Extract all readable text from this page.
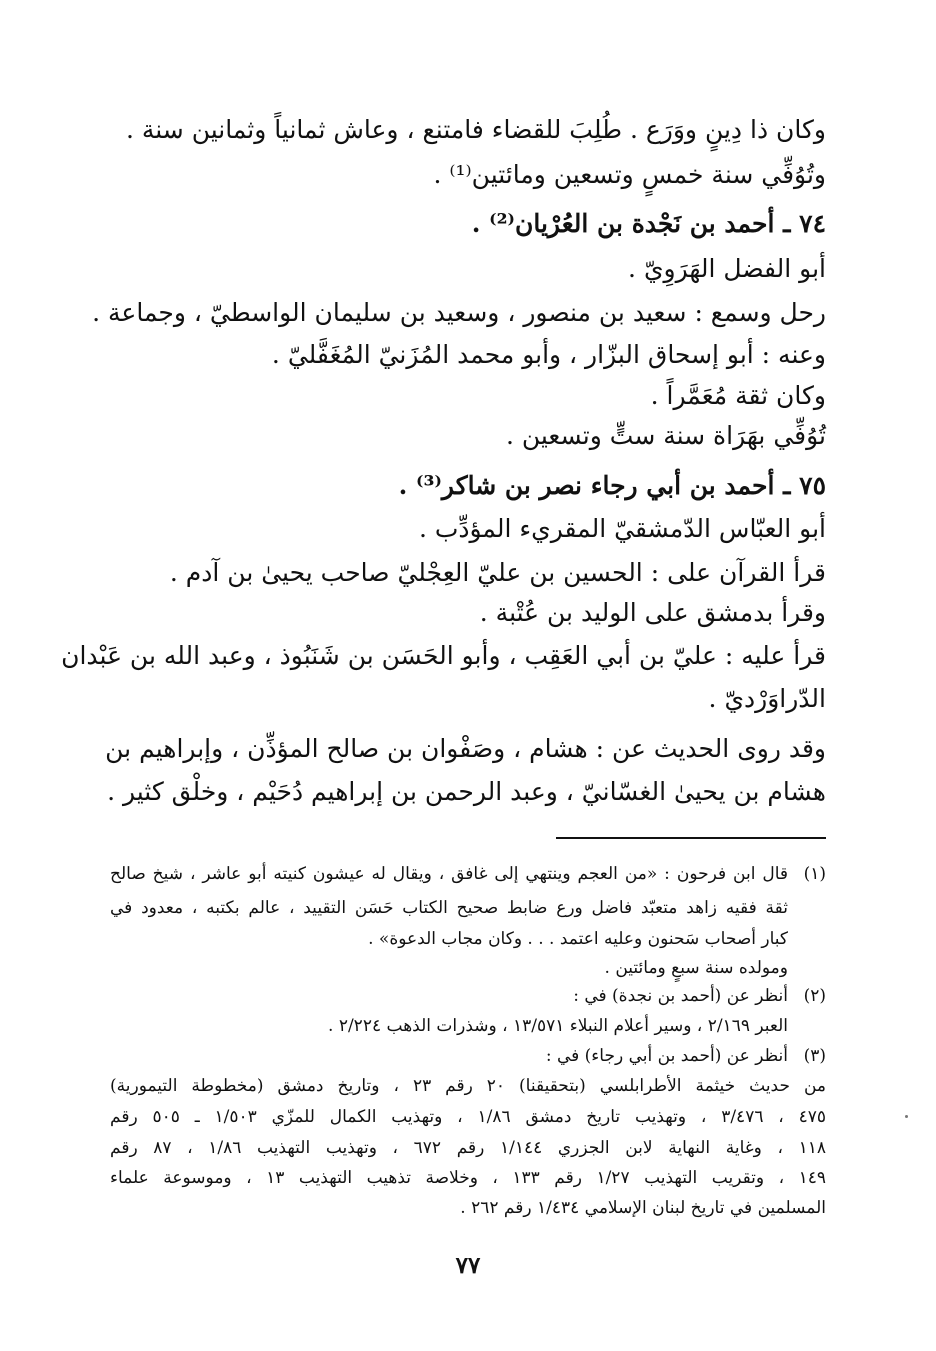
وكان ذا دِينٍ ووَرَع . طُلِبَ للقضاء فامتنع ، وعاش ثمانياً وثمانين سنة .
وتُوُفِّي سنة خمسٍ وتسعين ومائتين⁽¹⁾ .
٧٤ ـ أحمد بن نَجْدة بن العُرْيان⁽²⁾ .
أبو الفضل الهَرَوِيّ .
رحل وسمع : سعيد بن منصور ، وسعيد بن سليمان الواسطيّ ، وجماعة .
وعنه : أبو إسحاق البزّار ، وأبو محمد المُزَنيّ المُغَفَّليّ .
وكان ثقة مُعَمَّراً .
تُوُفِّي بهَرَاة سنة ستٍّ وتسعين .
٧٥ ـ أحمد بن أبي رجاء نصر بن شاكر⁽³⁾ .
أبو العبّاس الدّمشقيّ المقريء المؤدِّب .
قرأ القرآن على : الحسين بن عليّ العِجْليّ صاحب يحيىٰ بن آدم .
وقرأ بدمشق على الوليد بن عُتْبة .
قرأ عليه : عليّ بن أبي العَقِب ، وأبو الحَسَن بن شَنَبُوذ ، وعبد الله بن عَبْدان
الدّراوَرْديّ .
وقد روى الحديث عن : هشام ، وصَفْوان بن صالح المؤذِّن ، وإبراهيم بن
هشام بن يحيىٰ الغسّانيّ ، وعبد الرحمن بن إبراهيم دُحَيْم ، وخلْق كثير .
(١)
قال ابن فرحون : «من العجم وينتهي إلى غافق ، ويقال له عيشون كنيته أبو عاشر ، شيخ صالح
ثقة فقيه زاهد متعبّد فاضل ورع ضابط صحيح الكتاب حَسَن التقييد ، عالم بكتبه ، معدود في
كبار أصحاب سَحنون وعليه اعتمد . . . وكان مجاب الدعوة» .
ومولده سنة سبعٍ ومائتين .
(٢)
أنظر عن (أحمد بن نجدة) في :
العبر ٢/١٦٩ ، وسير أعلام النبلاء ١٣/٥٧١ ، وشذرات الذهب ٢/٢٢٤ .
(٣)
أنظر عن (أحمد بن أبي رجاء) في :
من حديث خيثمة الأطرابلسي (بتحقيقنا) ٢٠ رقم ٢٣ ، وتاريخ دمشق (مخطوطة التيمورية)
٤٧٥ ، ٣/٤٧٦ ، وتهذيب تاريخ دمشق ١/٨٦ ، وتهذيب الكمال للمزّي ١/٥٠٣ ـ ٥٠٥ رقم
١١٨ ، وغاية النهاية لابن الجزري ١/١٤٤ رقم ٦٧٢ ، وتهذيب التهذيب ١/٨٦ ، ٨٧ رقم
١٤٩ ، وتقريب التهذيب ١/٢٧ رقم ١٣٣ ، وخلاصة تذهيب التهذيب ١٣ ، وموسوعة علماء
المسلمين في تاريخ لبنان الإسلامي ١/٤٣٤ رقم ٢٦٢ .
٧٧
